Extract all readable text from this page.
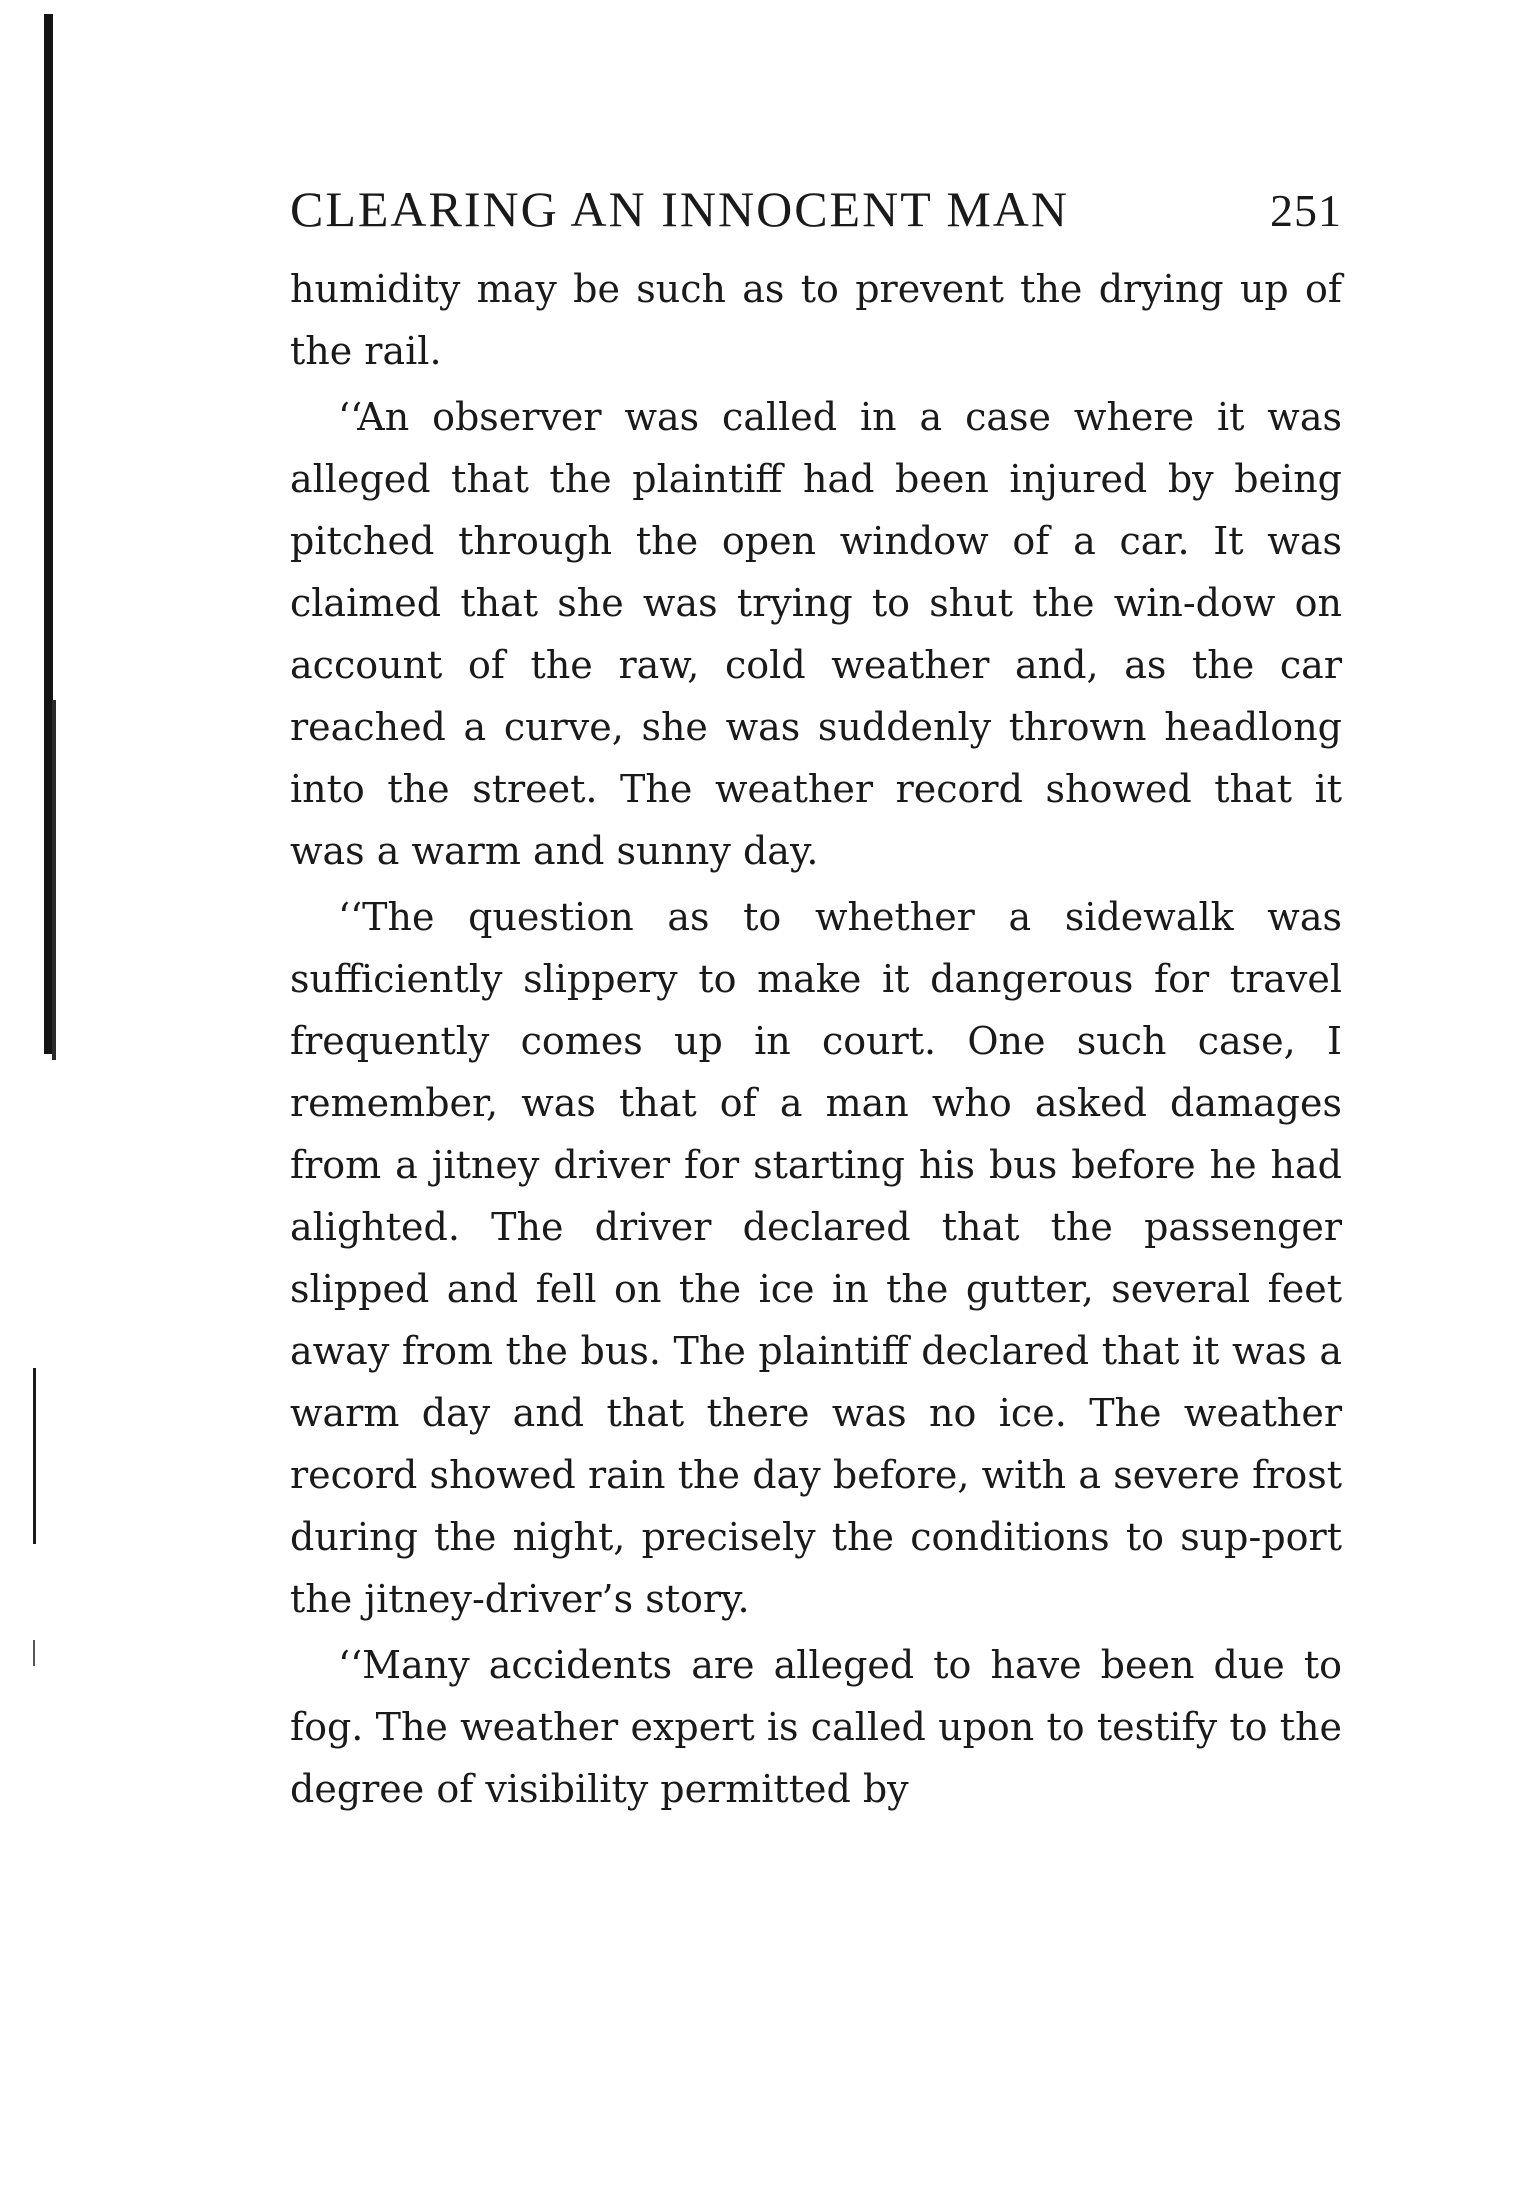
CLEARING AN INNOCENT MAN	251

humidity may be such as to prevent the drying up of the rail.

‘‘An observer was called in a case where it was alleged that the plaintiff had been injured by being pitched through the open window of a car. It was claimed that she was trying to shut the win-dow on account of the raw, cold weather and, as the car reached a curve, she was suddenly thrown headlong into the street. The weather record showed that it was a warm and sunny day.

‘‘The question as to whether a sidewalk was sufficiently slippery to make it dangerous for travel frequently comes up in court. One such case, I remember, was that of a man who asked damages from a jitney driver for starting his bus before he had alighted. The driver declared that the passenger slipped and fell on the ice in the gutter, several feet away from the bus. The plaintiff declared that it was a warm day and that there was no ice. The weather record showed rain the day before, with a severe frost during the night, precisely the conditions to sup-port the jitney-driver’s story.

‘‘Many accidents are alleged to have been due to fog. The weather expert is called upon to testify to the degree of visibility permitted by
